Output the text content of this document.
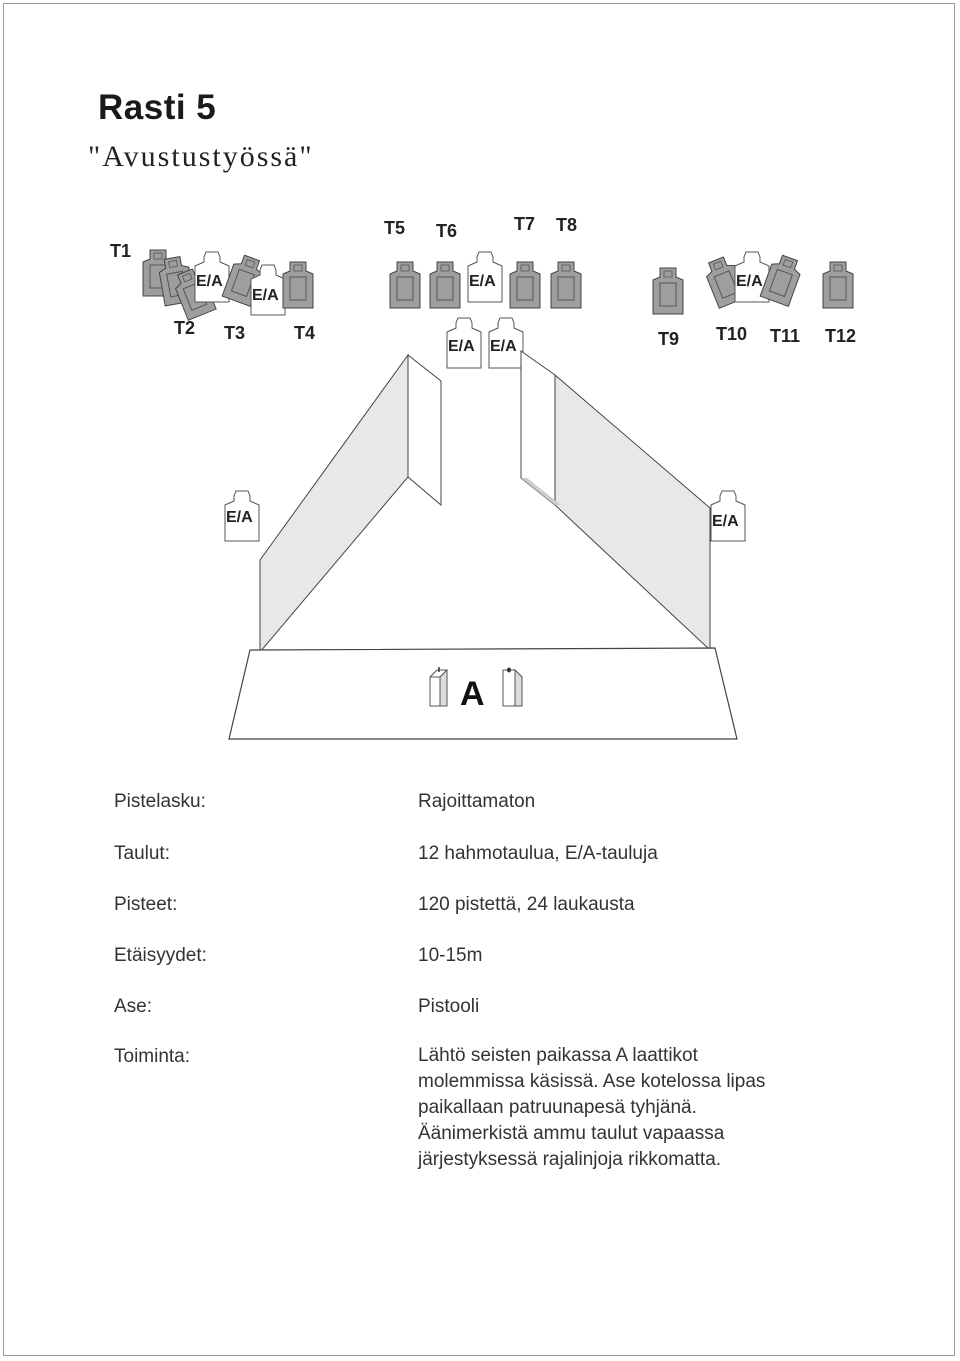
Rasti 5
"Avustustyössä"
E/A
E/A
T1
T2 T3	T4
E/A
E/A E/A
T5 T6	T7 T8
E/A
T9 T10 T11 T12
E/A	E/A
A
Pistelasku:	Rajoittamaton
Taulut:	12 hahmotaulua, E/A-tauluja
Pisteet:	120 pistettä, 24 laukausta
Etäisyydet:	10-15m
Ase:	Pistooli
Toiminta:	Lähtö seisten paikassa A laattikot
molemmissa käsissä. Ase kotelossa lipas
paikallaan patruunapesä tyhjänä.
Äänimerkistä ammu taulut vapaassa
järjestyksessä rajalinjoja rikkomatta.
